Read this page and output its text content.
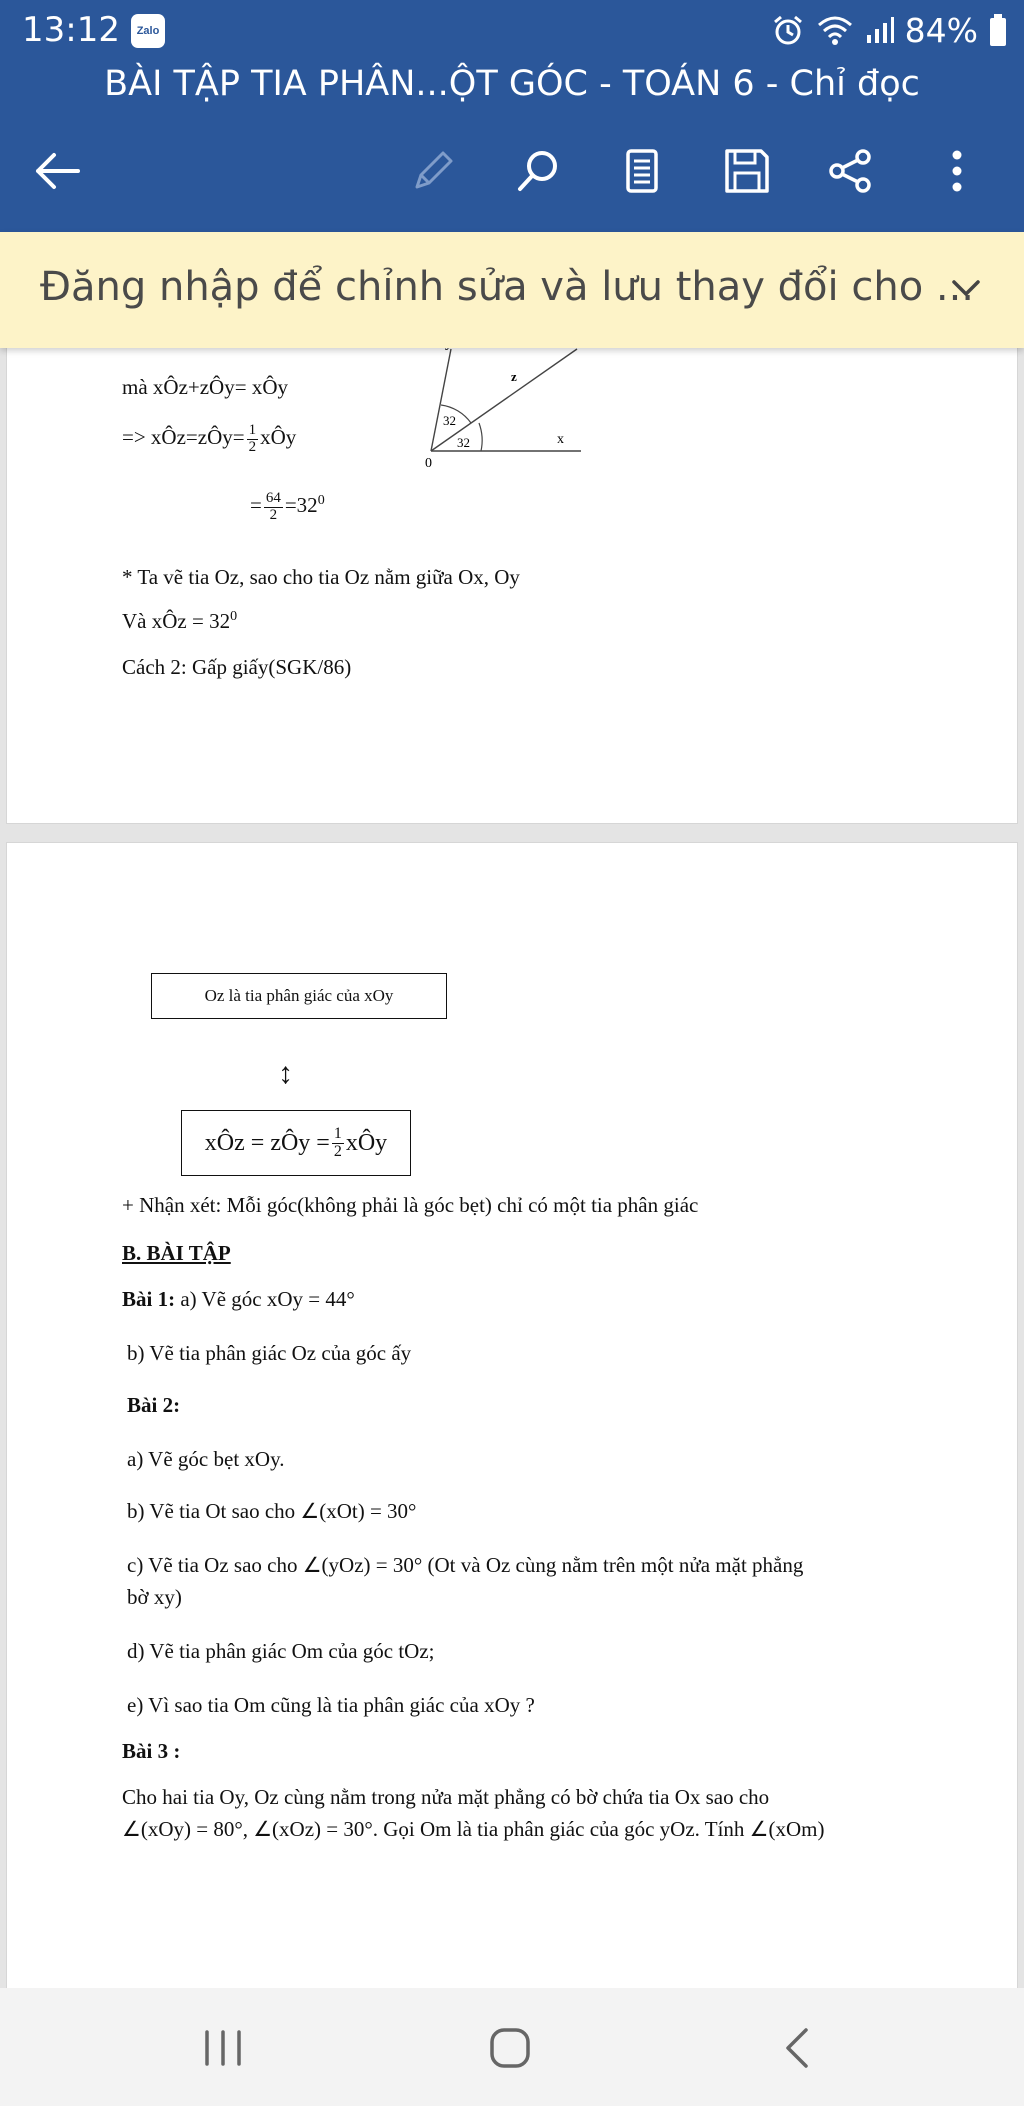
13:12	Zalo	84%
BÀI TẬP TIA PHÂN...ỘT GÓC - TOÁN 6 - Chỉ đọc
Đăng nhập để chỉnh sửa và lưu thay đổi cho ...
mà xÔz+zÔy= xÔy
=> xÔz=zÔy= $\frac{1}{2}$ xÔy
= $\frac{64}{2} =32^0$
z
x
0
32
32
* Ta vẽ tia Oz, sao cho tia Oz nằm giữa Ox, Oy
Và xÔz = $32^0$
Cách 2: Gấp giấy(SGK/86)
Oz là tia phân giác của xOy
↕
xÔz = zÔy = $\frac{1}{2}$ xÔy
+ Nhận xét: Mỗi góc(không phải là góc bẹt) chỉ có một tia phân giác
B. BÀI TẬP
Bài 1: a) Vẽ góc xOy = 44°
b) Vẽ tia phân giác Oz của góc ấy
Bài 2:
a) Vẽ góc bẹt xOy.
b) Vẽ tia Ot sao cho ∠(xOt) = 30°
c) Vẽ tia Oz sao cho ∠(yOz) = 30° (Ot và Oz cùng nằm trên một nửa mặt phẳng
bờ xy)
d) Vẽ tia phân giác Om của góc tOz;
e) Vì sao tia Om cũng là tia phân giác của xOy ?
Bài 3 :
Cho hai tia Oy, Oz cùng nằm trong nửa mặt phẳng có bờ chứa tia Ox sao cho
∠(xOy) = 80°, ∠(xOz) = 30°. Gọi Om là tia phân giác của góc yOz. Tính ∠(xOm)
